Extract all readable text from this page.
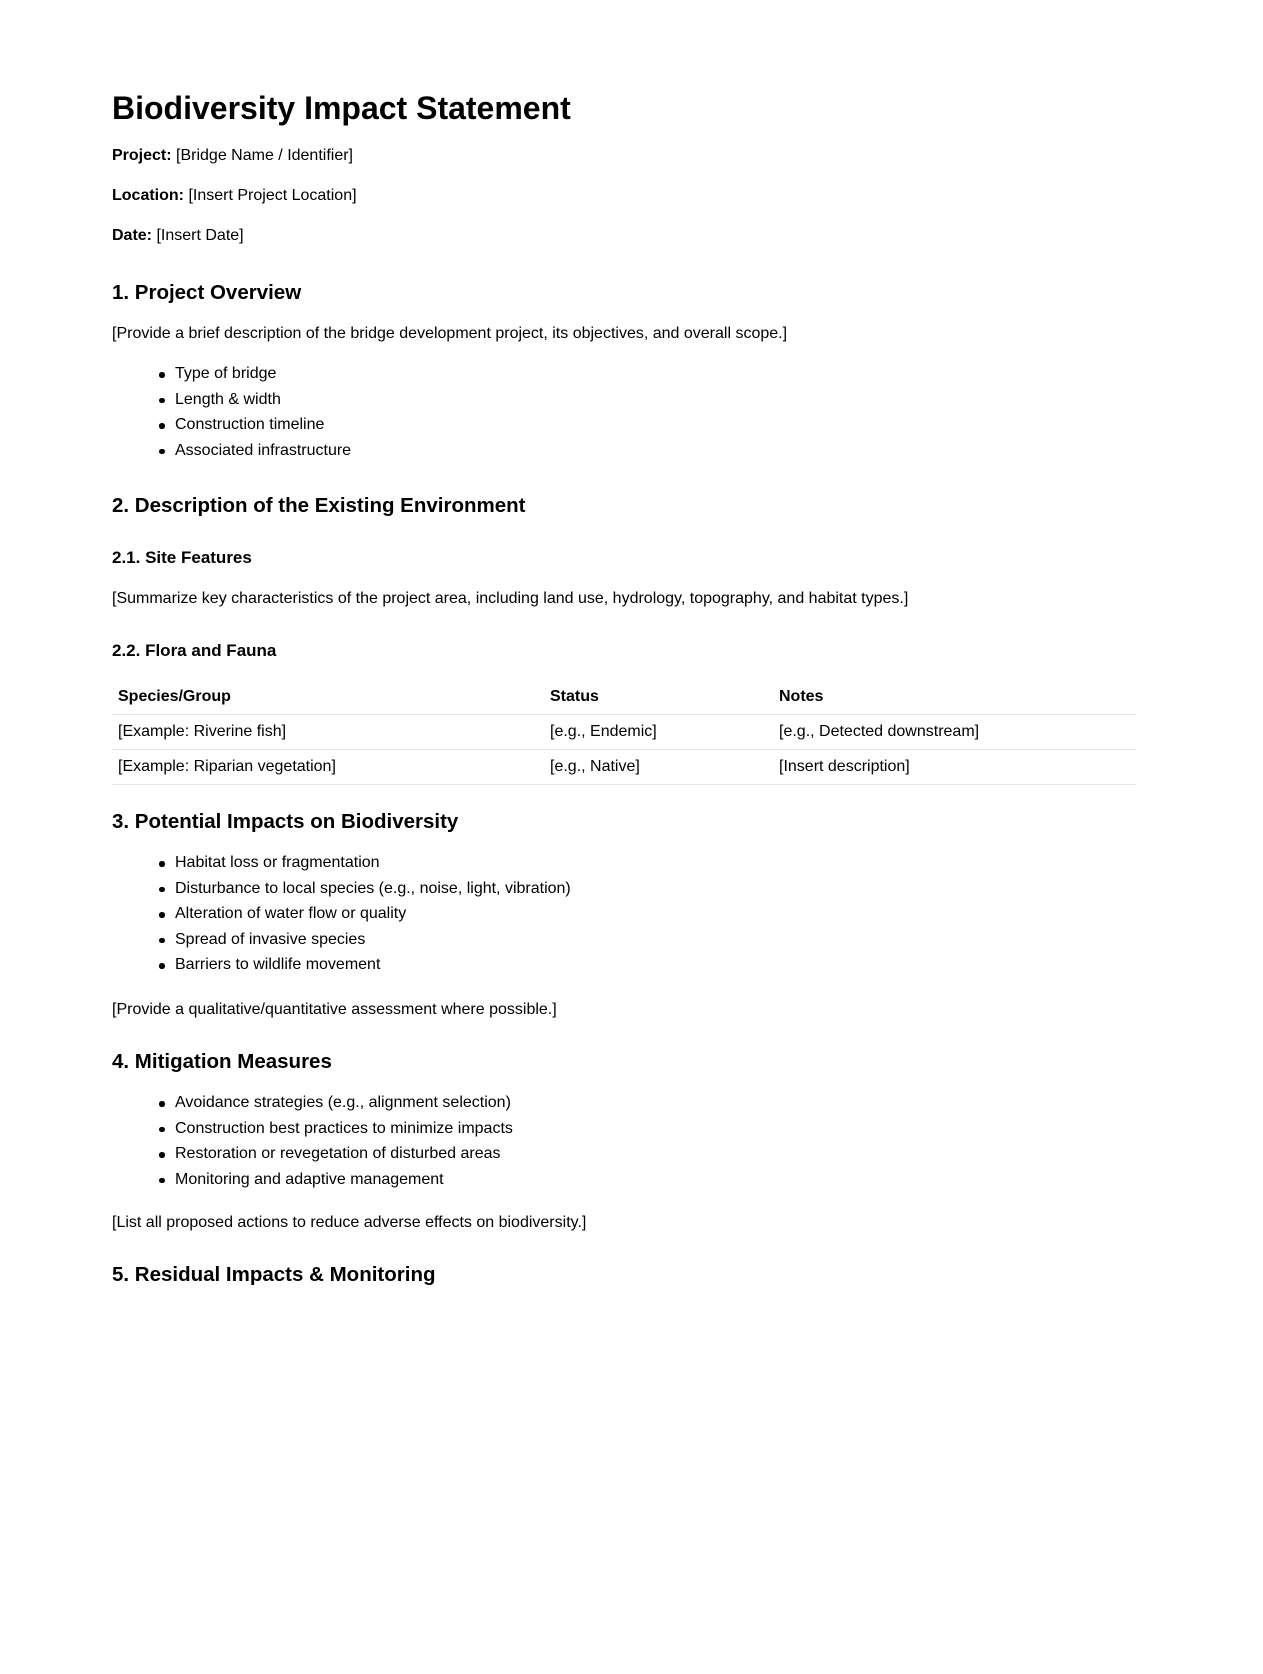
Biodiversity Impact Statement
Project: [Bridge Name / Identifier]
Location: [Insert Project Location]
Date: [Insert Date]
1. Project Overview
[Provide a brief description of the bridge development project, its objectives, and overall scope.]
Type of bridge
Length & width
Construction timeline
Associated infrastructure
2. Description of the Existing Environment
2.1. Site Features
[Summarize key characteristics of the project area, including land use, hydrology, topography, and habitat types.]
2.2. Flora and Fauna
Species/Group	Status	Notes
[Example: Riverine fish]	[e.g., Endemic]	[e.g., Detected downstream]
[Example: Riparian vegetation]	[e.g., Native]	[Insert description]
3. Potential Impacts on Biodiversity
Habitat loss or fragmentation
Disturbance to local species (e.g., noise, light, vibration)
Alteration of water flow or quality
Spread of invasive species
Barriers to wildlife movement
[Provide a qualitative/quantitative assessment where possible.]
4. Mitigation Measures
Avoidance strategies (e.g., alignment selection)
Construction best practices to minimize impacts
Restoration or revegetation of disturbed areas
Monitoring and adaptive management
[List all proposed actions to reduce adverse effects on biodiversity.]
5. Residual Impacts & Monitoring
